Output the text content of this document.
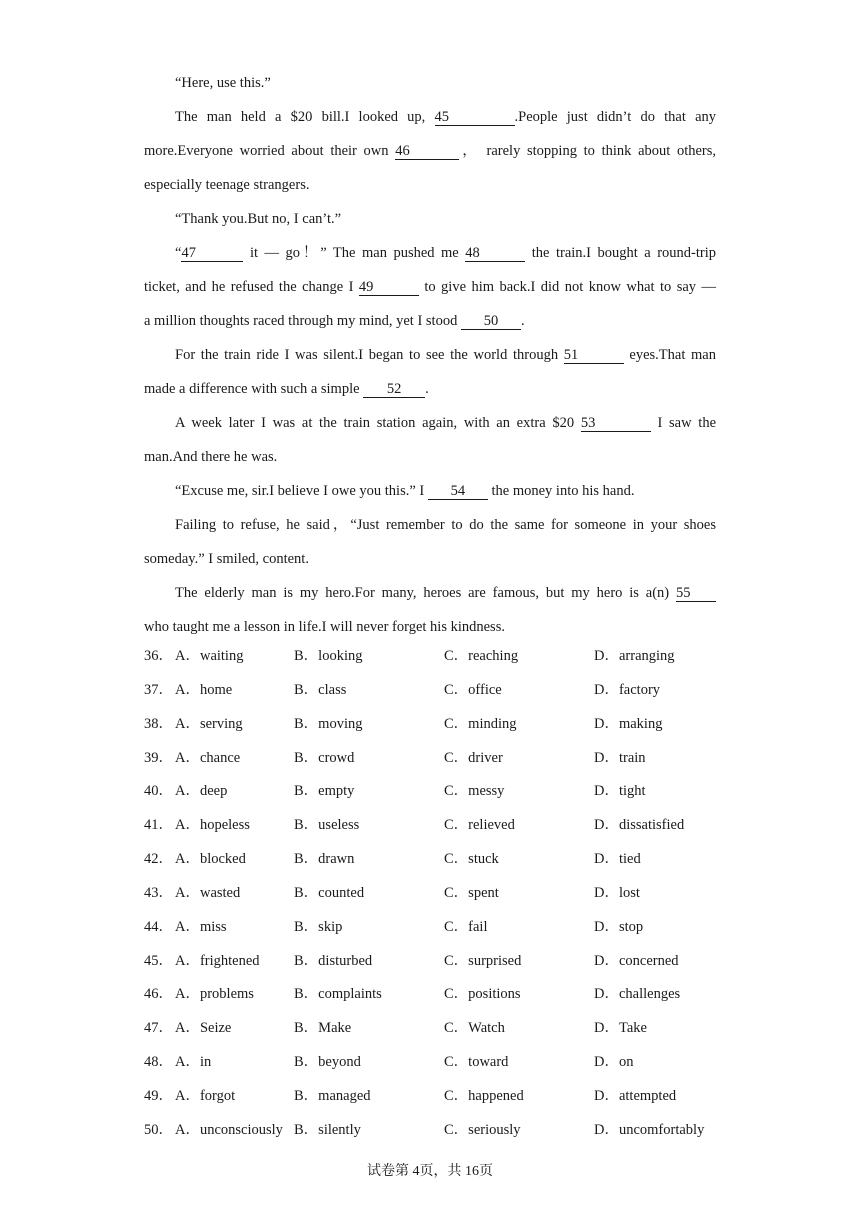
“Here, use this.”
The man held a $20 bill.I looked up, 45	.People just didn’t do that any
more.Everyone worried about their own 46	， rarely stopping to think about others,
especially teenage strangers.
“Thank you.But no, I can’t.”
“47	it — go！” The man pushed me 48	the train.I bought a round-trip
ticket, and he refused the change I 49	to give him back.I did not know what to say —
a million thoughts raced through my mind, yet I stood 50 .
For the train ride I was silent.I began to see the world through 51	eyes.That man
made a difference with such a simple 52 .
A week later I was at the train station again, with an extra $20 53	I saw the
man.And there he was.
“Excuse me, sir.I believe I owe you this.” I 54 the money into his hand.
Failing to refuse, he said，“Just remember to do the same for someone in your shoes
someday.” I smiled, content.
The elderly man is my hero.For many, heroes are famous, but my hero is a(n) 55
who taught me a lesson in life.I will never forget his kindness.
36． A．waiting	B．looking	C．reaching	D．arranging
37． A．home	B．class	C．office	D．factory
38． A．serving	B．moving	C．minding	D．making
39． A．chance	B．crowd	C．driver	D．train
40． A．deep	B．empty	C．messy	D．tight
41． A．hopeless	B．useless	C．relieved	D．dissatisfied
42． A．blocked	B．drawn	C．stuck	D．tied
43． A．wasted	B．counted	C．spent	D．lost
44． A．miss	B．skip	C．fail	D．stop
45． A．frightened B．disturbed	C．surprised	D．concerned
46． A．problems	B．complaints	C．positions	D．challenges
47． A．Seize	B．Make	C．Watch	D．Take
48． A．in	B．beyond	C．toward	D．on
49． A．forgot	B．managed	C．happened	D．attempted
50． A．unconsciously B．silently	C．seriously	D．uncomfortably
试卷第 4页，共 16页
